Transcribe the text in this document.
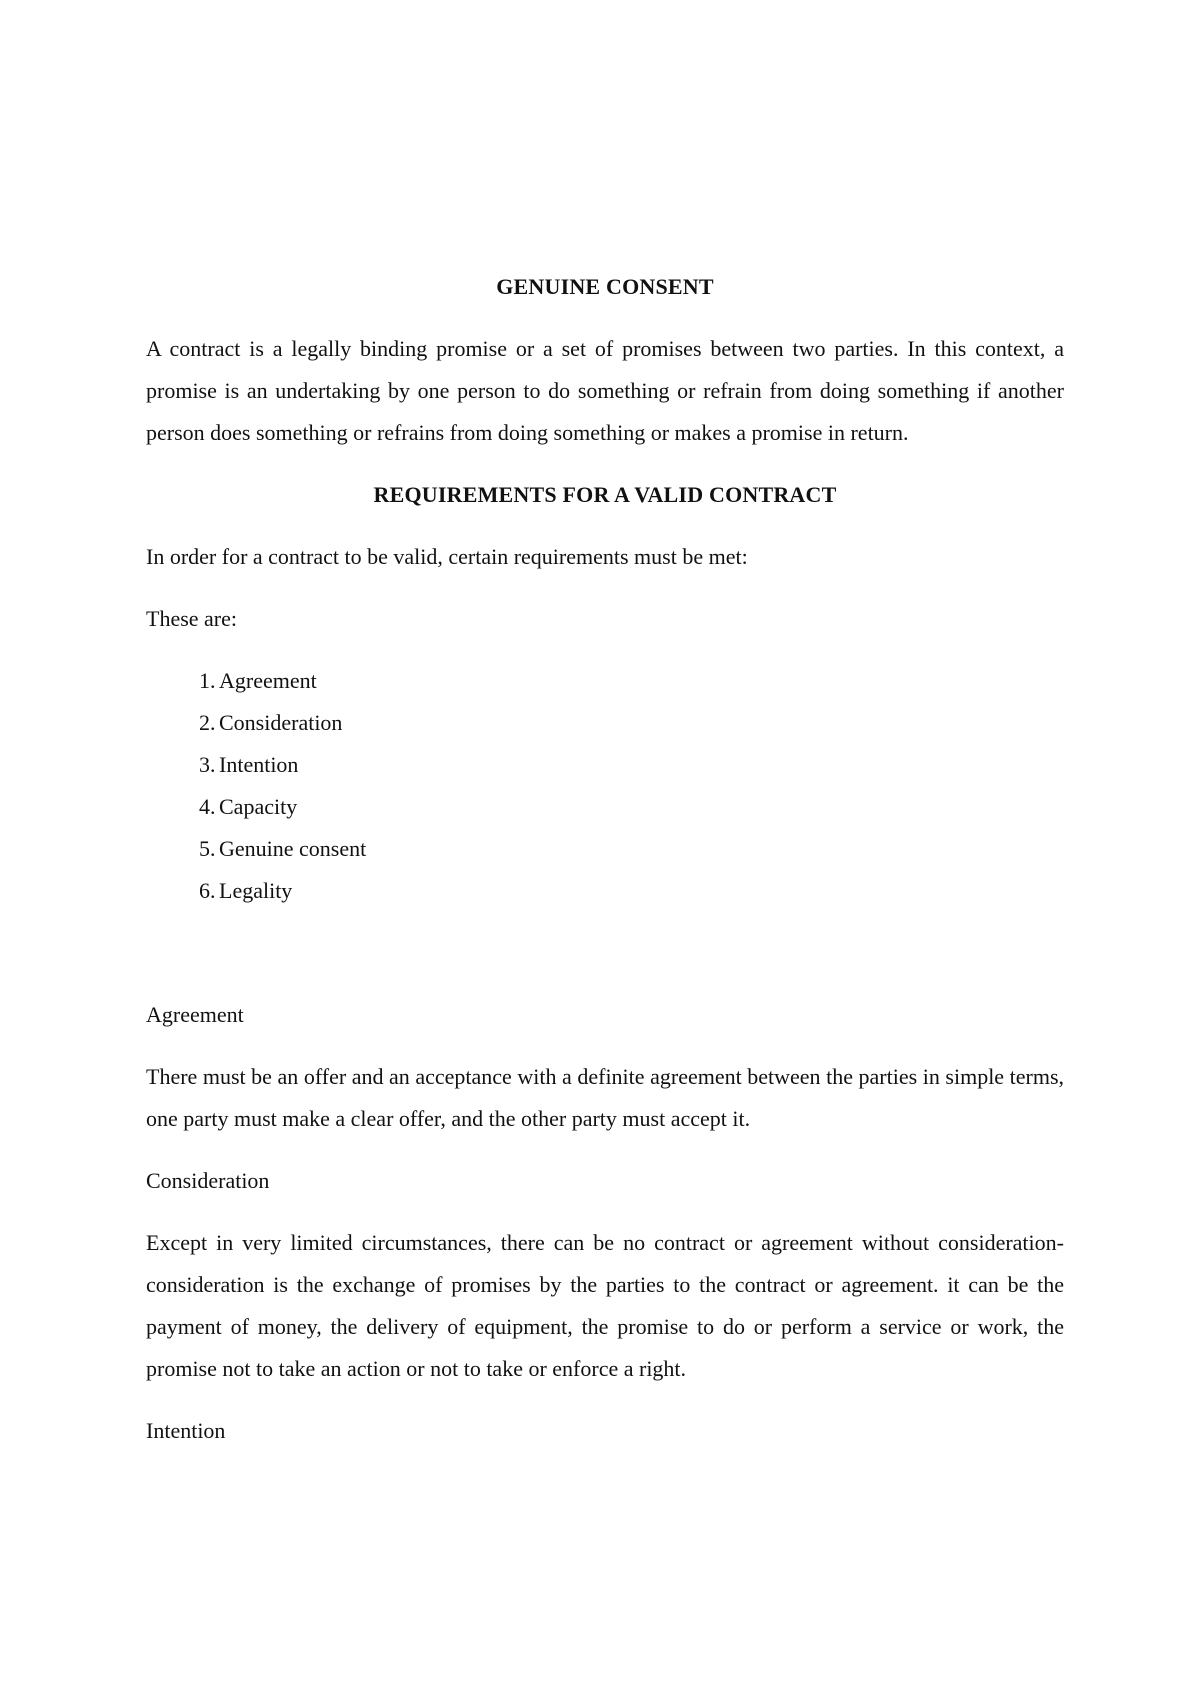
GENUINE CONSENT
A contract is a legally binding promise or a set of promises between two parties. In this context, a promise is an undertaking by one person to do something or refrain from doing something if another person does something or refrains from doing something or makes a promise in return.
REQUIREMENTS FOR A VALID CONTRACT
In order for a contract to be valid, certain requirements must be met:
These are:
1. Agreement
2. Consideration
3. Intention
4. Capacity
5. Genuine consent
6. Legality
Agreement
There must be an offer and an acceptance with a definite agreement between the parties in simple terms, one party must make a clear offer, and the other party must accept it.
Consideration
Except in very limited circumstances, there can be no contract or agreement without consideration-consideration is the exchange of promises by the parties to the contract or agreement. it can be the payment of money, the delivery of equipment, the promise to do or perform a service or work, the promise not to take an action or not to take or enforce a right.
Intention
